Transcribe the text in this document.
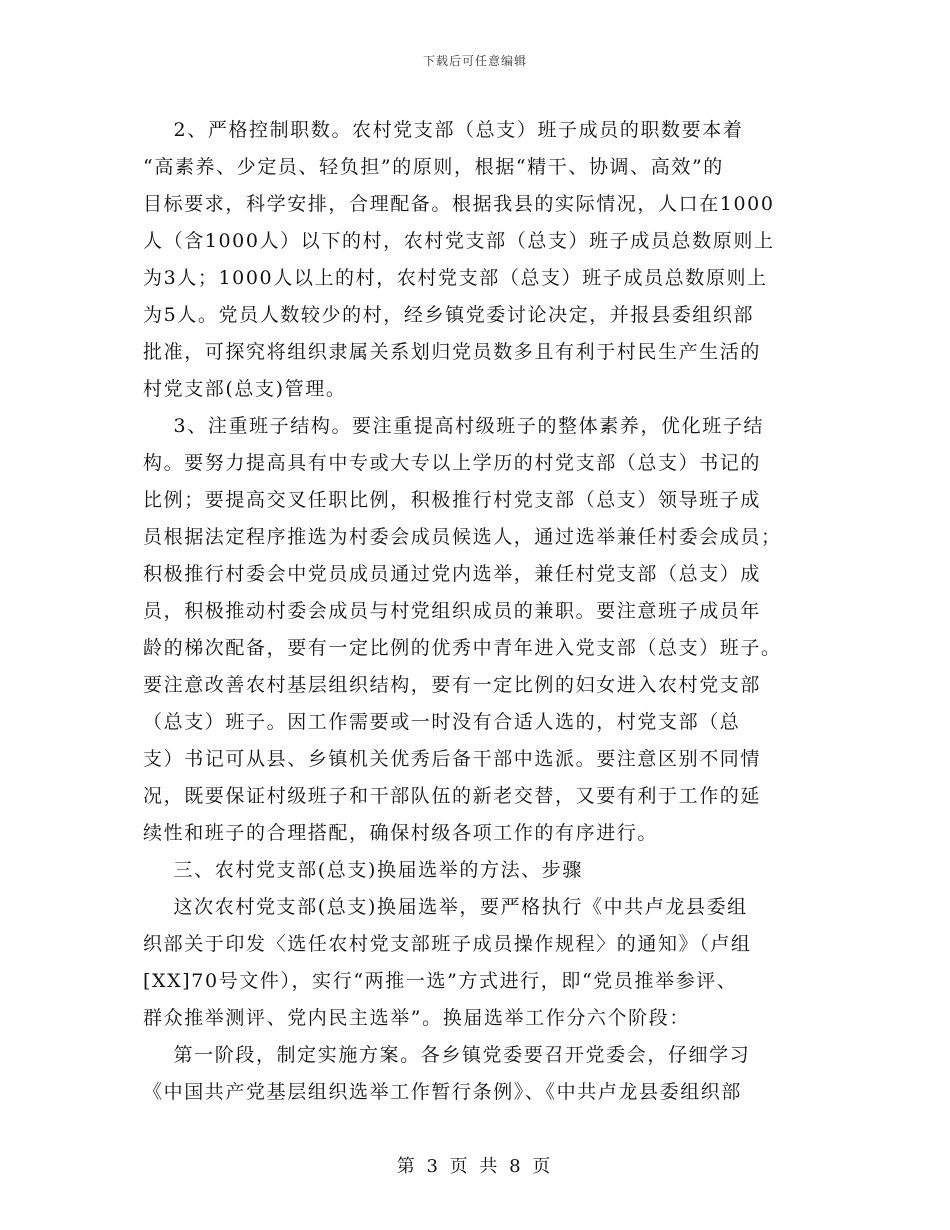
下载后可任意编辑
2、严格控制职数。农村党支部（总支）班子成员的职数要本着
“高素养、少定员、轻负担”的原则，根据“精干、协调、高效”的
目标要求，科学安排，合理配备。根据我县的实际情况，人口在1000
人（含1000人）以下的村，农村党支部（总支）班子成员总数原则上
为3人；1000人以上的村，农村党支部（总支）班子成员总数原则上
为5人。党员人数较少的村，经乡镇党委讨论决定，并报县委组织部
批准，可探究将组织隶属关系划归党员数多且有利于村民生产生活的
村党支部(总支)管理。
3、注重班子结构。要注重提高村级班子的整体素养，优化班子结
构。要努力提高具有中专或大专以上学历的村党支部（总支）书记的
比例；要提高交叉任职比例，积极推行村党支部（总支）领导班子成
员根据法定程序推选为村委会成员候选人，通过选举兼任村委会成员；
积极推行村委会中党员成员通过党内选举，兼任村党支部（总支）成
员，积极推动村委会成员与村党组织成员的兼职。要注意班子成员年
龄的梯次配备，要有一定比例的优秀中青年进入党支部（总支）班子。
要注意改善农村基层组织结构，要有一定比例的妇女进入农村党支部
（总支）班子。因工作需要或一时没有合适人选的，村党支部（总
支）书记可从县、乡镇机关优秀后备干部中选派。要注意区别不同情
况，既要保证村级班子和干部队伍的新老交替，又要有利于工作的延
续性和班子的合理搭配，确保村级各项工作的有序进行。
三、农村党支部(总支)换届选举的方法、步骤
这次农村党支部(总支)换届选举，要严格执行《中共卢龙县委组
织部关于印发〈选任农村党支部班子成员操作规程〉的通知》（卢组
[XX]70号文件），实行“两推一选”方式进行，即“党员推举参评、
群众推举测评、党内民主选举”。换届选举工作分六个阶段：
第一阶段，制定实施方案。各乡镇党委要召开党委会，仔细学习
《中国共产党基层组织选举工作暂行条例》、《中共卢龙县委组织部
第 3 页 共 8 页
